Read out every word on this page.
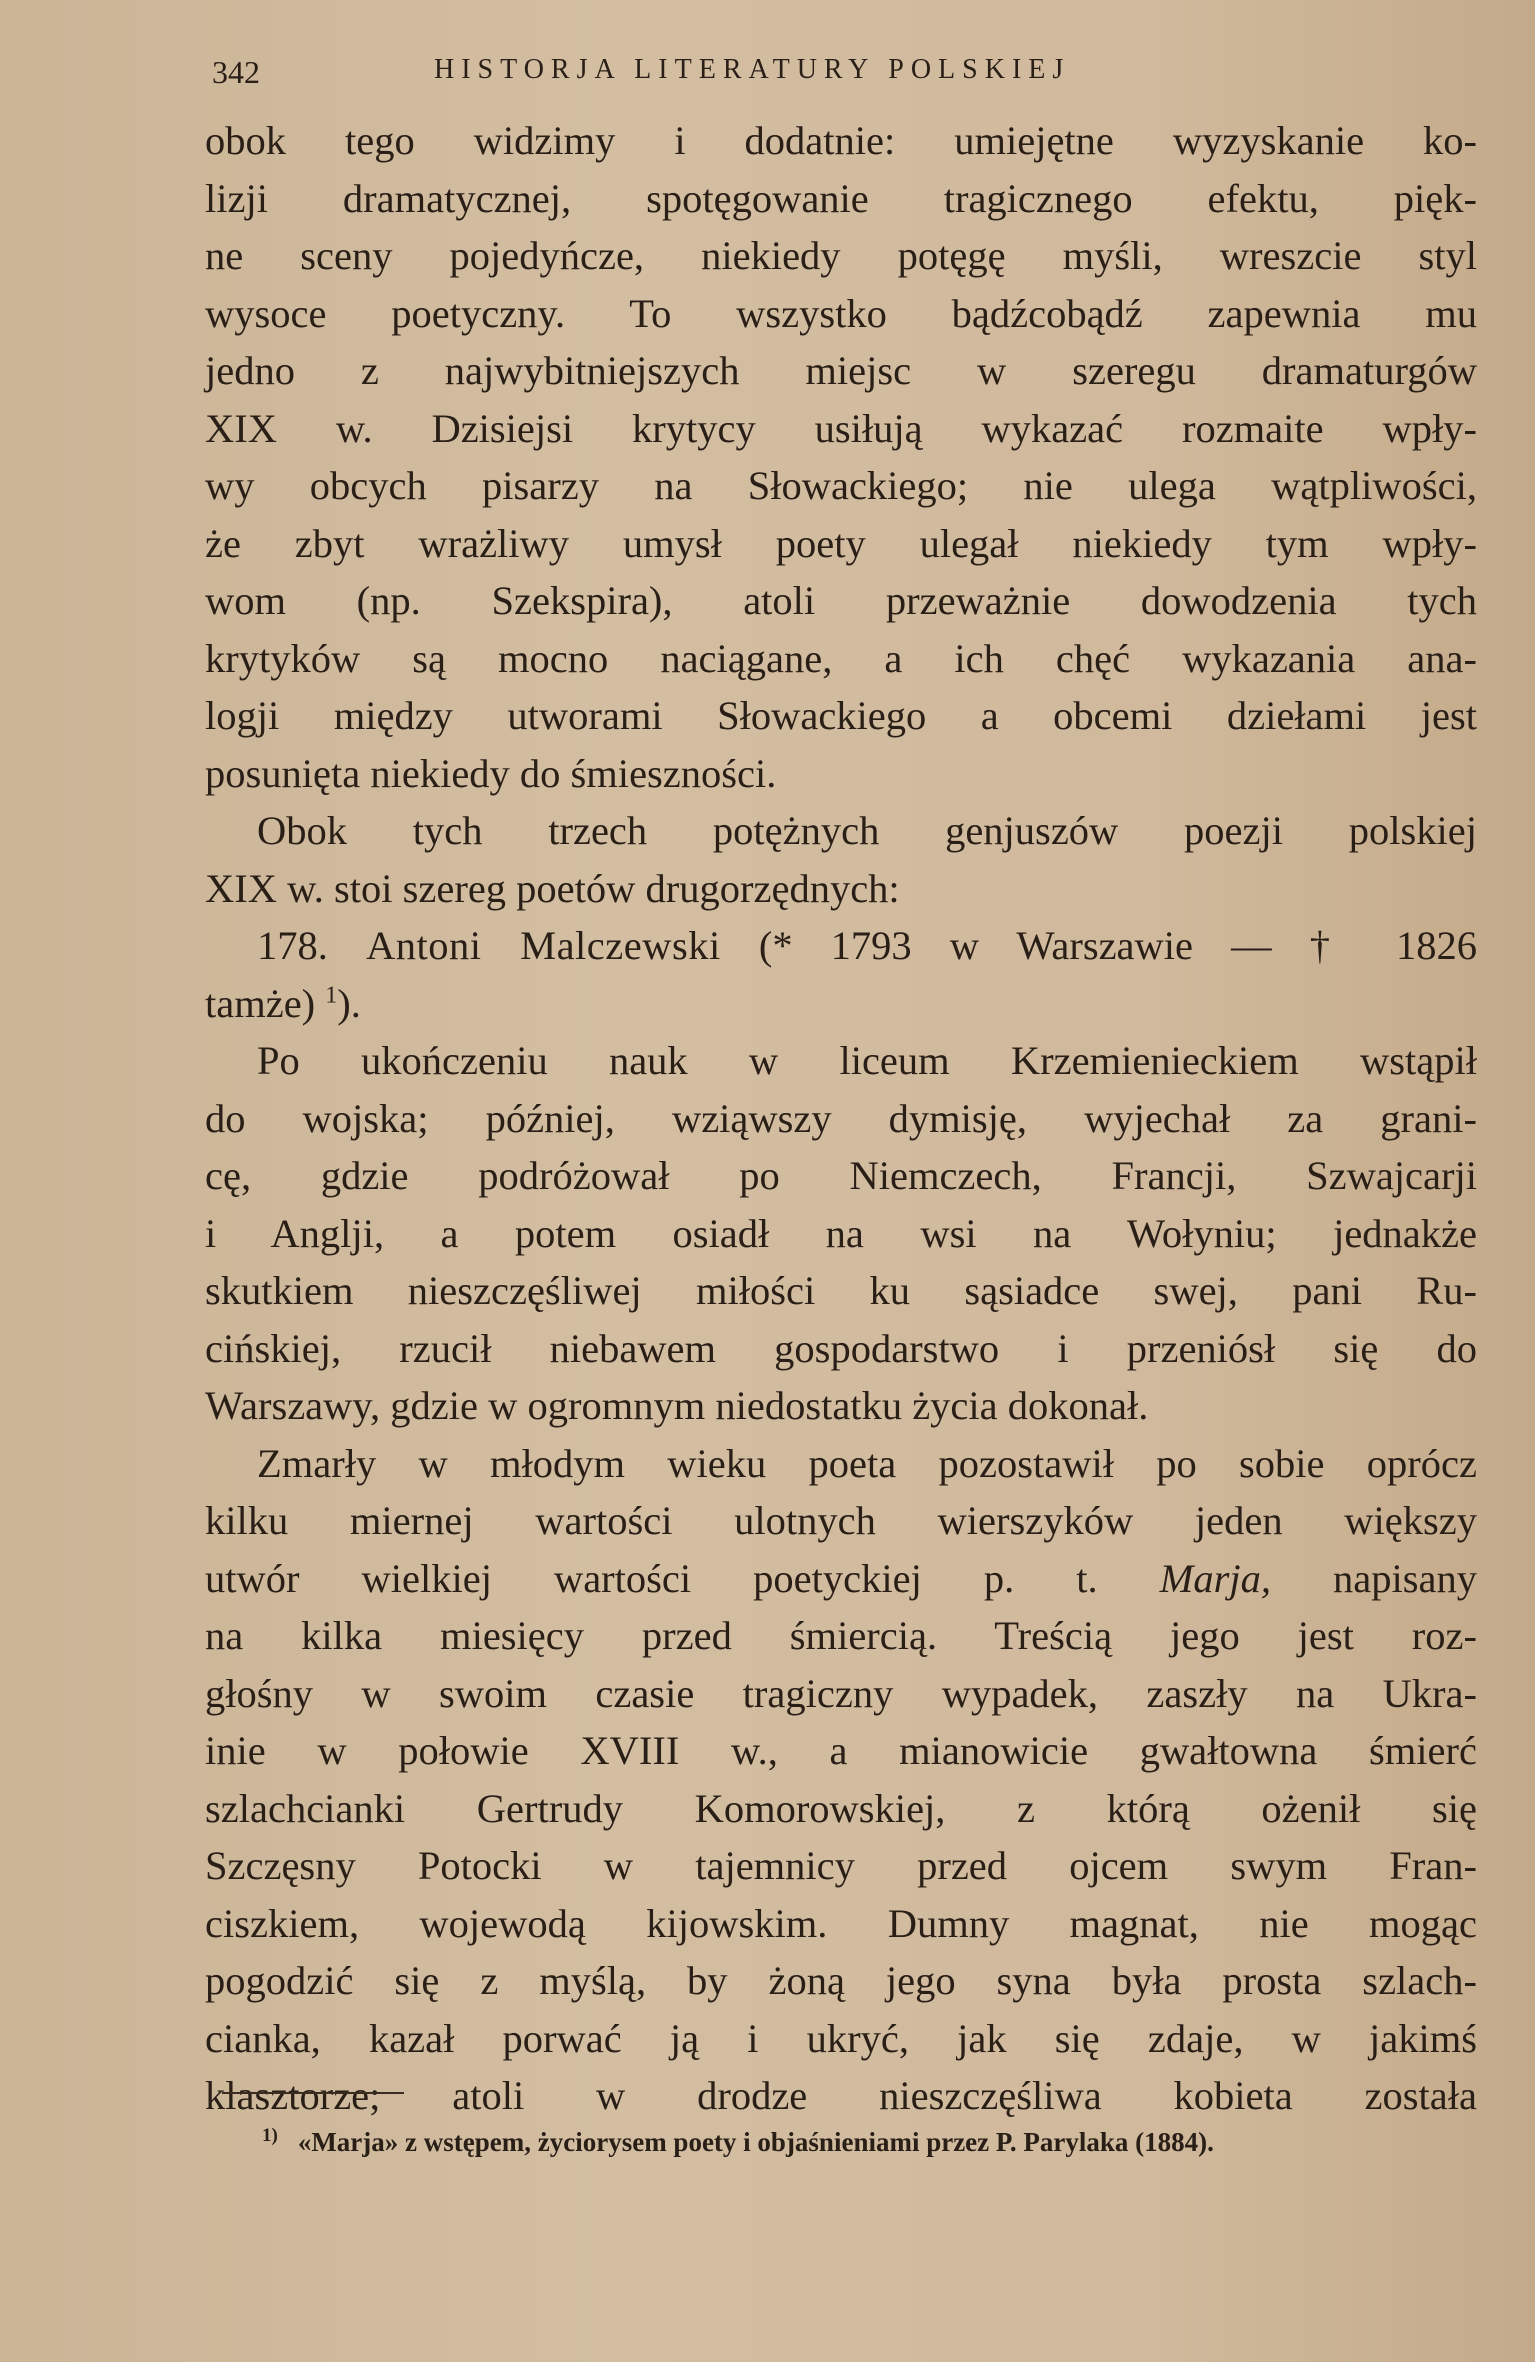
342	HISTORJA LITERATURY POLSKIEJ

obok tego widzimy i dodatnie: umiejętne wyzyskanie ko-

lizji dramatycznej, spotęgowanie tragicznego efektu, pięk-

ne sceny pojedyńcze, niekiedy potęgę myśli, wreszcie styl

wysoce poetyczny. To wszystko bądźcobądź zapewnia mu

jedno z najwybitniejszych miejsc w szeregu dramaturgów

XIX w. Dzisiejsi krytycy usiłują wykazać rozmaite wpły-

wy obcych pisarzy na Słowackiego; nie ulega wątpliwości,

że zbyt wrażliwy umysł poety ulegał niekiedy tym wpły-

wom (np. Szekspira), atoli przeważnie dowodzenia tych

krytyków są mocno naciągane, a ich chęć wykazania ana-

logji między utworami Słowackiego a obcemi dziełami jest

posunięta niekiedy do śmieszności.

Obok tych trzech potężnych genjuszów poezji polskiej

XIX w. stoi szereg poetów drugorzędnych:

178. Antoni Malczewski (* 1793 w Warszawie — † 1826

tamże) $^1$).

Po ukończeniu nauk w liceum Krzemienieckiem wstąpił

do wojska; później, wziąwszy dymisję, wyjechał za grani-

cę, gdzie podróżował po Niemczech, Francji, Szwajcarji

i Anglji, a potem osiadł na wsi na Wołyniu; jednakże

skutkiem nieszczęśliwej miłości ku sąsiadce swej, pani Ru-

cińskiej, rzucił niebawem gospodarstwo i przeniósł się do

Warszawy, gdzie w ogromnym niedostatku życia dokonał.

Zmarły w młodym wieku poeta pozostawił po sobie oprócz

kilku miernej wartości ulotnych wierszyków jeden większy

utwór wielkiej wartości poetyckiej p. t. Marja, napisany

na kilka miesięcy przed śmiercią. Treścią jego jest roz-

głośny w swoim czasie tragiczny wypadek, zaszły na Ukra-

inie w połowie XVIII w., a mianowicie gwałtowna śmierć

szlachcianki Gertrudy Komorowskiej, z którą ożenił się

Szczęsny Potocki w tajemnicy przed ojcem swym Fran-

ciszkiem, wojewodą kijowskim. Dumny magnat, nie mogąc

pogodzić się z myślą, by żoną jego syna była prosta szlach-

cianka, kazał porwać ją i ukryć, jak się zdaje, w jakimś

klasztorze; atoli w drodze nieszczęśliwa kobieta została

$^{1)}$ «Marja» z wstępem, życiorysem poety i objaśnieniami przez P. Parylaka (1884).
